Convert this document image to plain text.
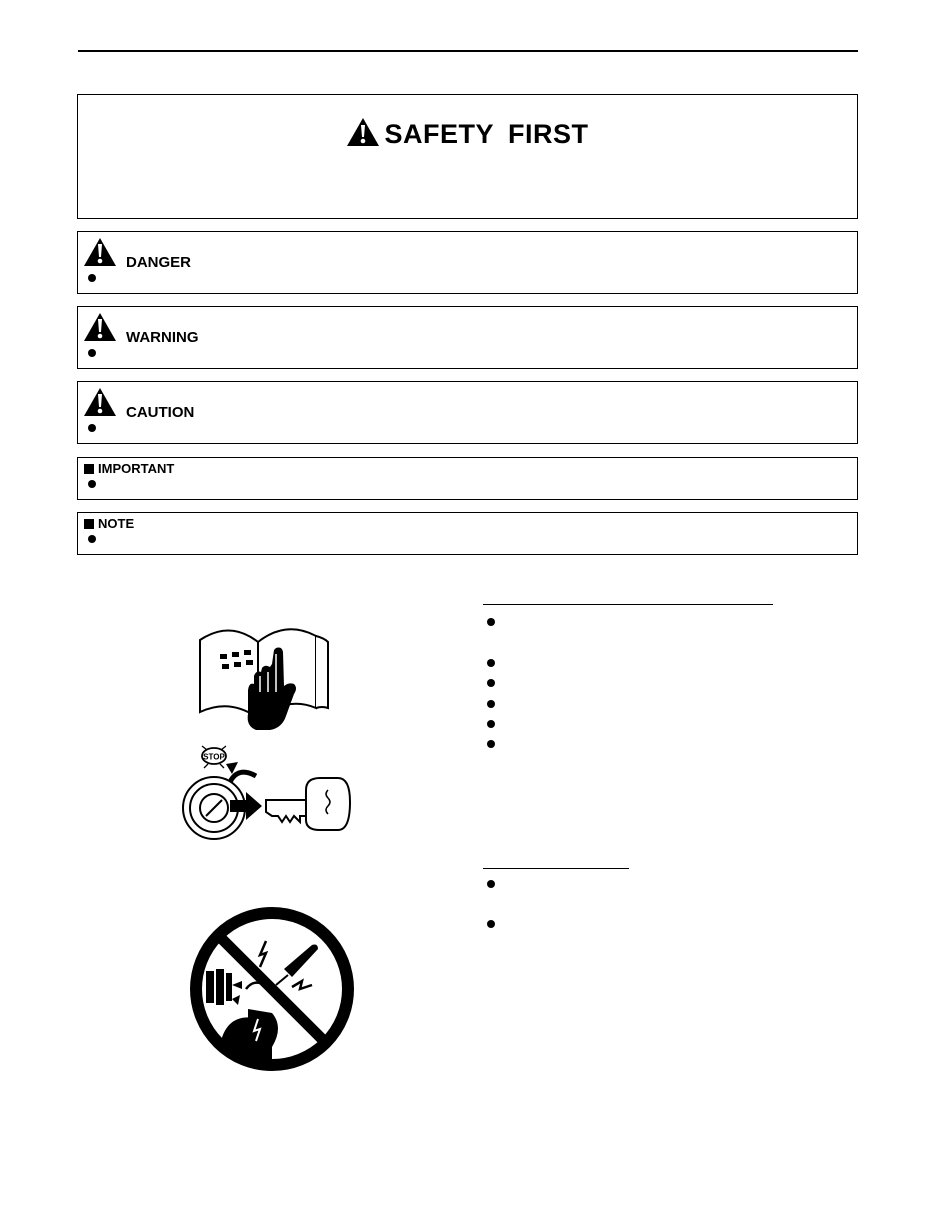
SAFETY FIRST
DANGER
WARNING
CAUTION
IMPORTANT
NOTE
STOP
